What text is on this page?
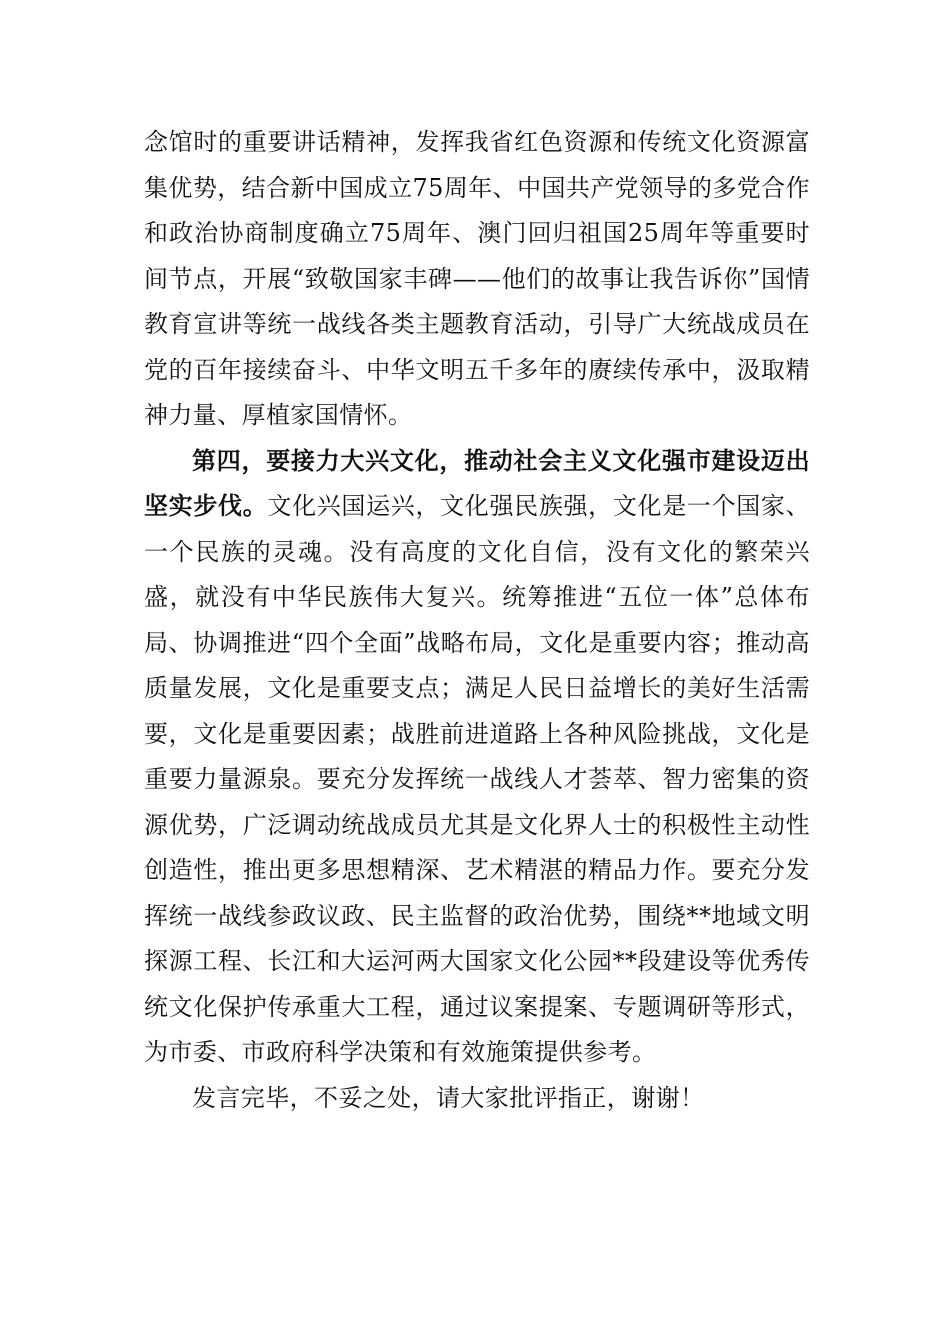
念馆时的重要讲话精神，发挥我省红色资源和传统文化资源富集优势，结合新中国成立75周年、中国共产党领导的多党合作和政治协商制度确立75周年、澳门回归祖国25周年等重要时间节点，开展“致敬国家丰碑——他们的故事让我告诉你”国情教育宣讲等统一战线各类主题教育活动，引导广大统战成员在党的百年接续奋斗、中华文明五千多年的赓续传承中，汲取精神力量、厚植家国情怀。

第四，要接力大兴文化，推动社会主义文化强市建设迈出坚实步伐。文化兴国运兴，文化强民族强，文化是一个国家、一个民族的灵魂。没有高度的文化自信，没有文化的繁荣兴盛，就没有中华民族伟大复兴。统筹推进“五位一体”总体布局、协调推进“四个全面”战略布局，文化是重要内容；推动高质量发展，文化是重要支点；满足人民日益增长的美好生活需要，文化是重要因素；战胜前进道路上各种风险挑战，文化是重要力量源泉。要充分发挥统一战线人才荟萃、智力密集的资源优势，广泛调动统战成员尤其是文化界人士的积极性主动性创造性，推出更多思想精深、艺术精湛的精品力作。要充分发挥统一战线参政议政、民主监督的政治优势，围绕**地域文明探源工程、长江和大运河两大国家文化公园**段建设等优秀传统文化保护传承重大工程，通过议案提案、专题调研等形式，为市委、市政府科学决策和有效施策提供参考。

发言完毕，不妥之处，请大家批评指正，谢谢！
